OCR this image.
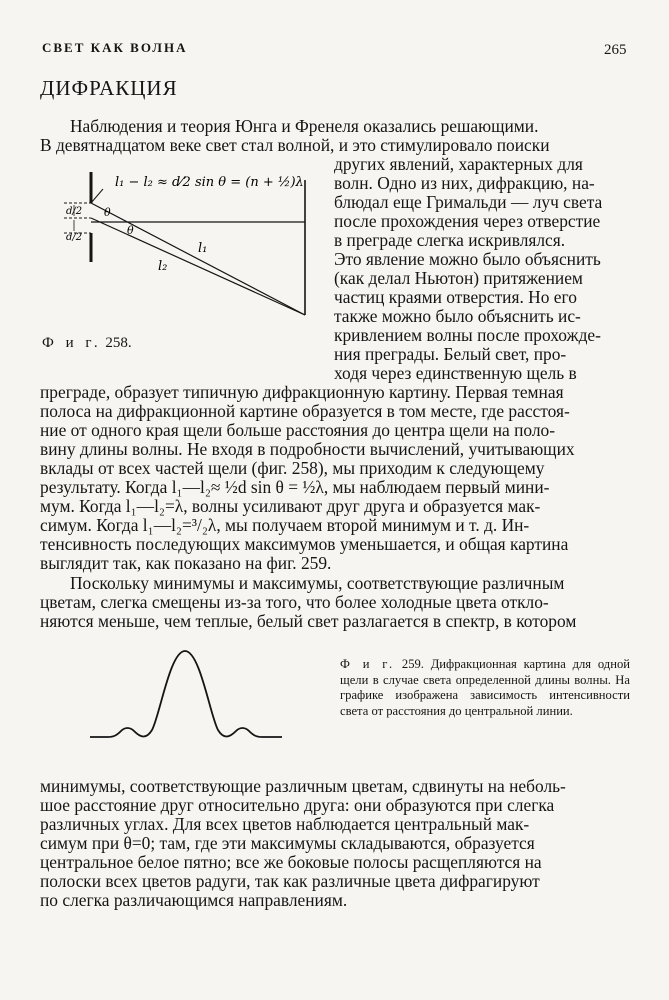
СВЕТ КАК ВОЛНА	265
ДИФРАКЦИЯ
Наблюдения и теория Юнга и Френеля оказались решающими.
В девятнадцатом веке свет стал волной, и это стимулировало поиски
других явлений, характерных для
волн. Одно из них, дифракцию, на-
блюдал еще Гримальди — луч света
после прохождения через отверстие
в преграде слегка искривлялся.
Это явление можно было объяснить
(как делал Ньютон) притяжением
частиц краями отверстия. Но его
также можно было объяснить ис-
кривлением волны после прохожде-
ния преграды. Белый свет, про-
ходя через единственную щель в
преграде, образует типичную дифракционную картину. Первая темная
полоса на дифракционной картине образуется в том месте, где расстоя-
ние от одного края щели больше расстояния до центра щели на поло-
вину длины волны. Не входя в подробности вычислений, учитывающих
вклады от всех частей щели (фиг. 258), мы приходим к следующему
результату. Когда l₁—l₂≈ ½d sin θ = ½λ, мы наблюдаем первый мини-
мум. Когда l₁—l₂=λ, волны усиливают друг друга и образуется мак-
симум. Когда l₁—l₂=³/₂λ, мы получаем второй минимум и т. д. Ин-
тенсивность последующих максимумов уменьшается, и общая картина
выглядит так, как показано на фиг. 259.
Поскольку минимумы и максимумы, соответствующие различным
цветам, слегка смещены из-за того, что более холодные цвета откло-
няются меньше, чем теплые, белый свет разлагается в спектр, в котором
минимумы, соответствующие различным цветам, сдвинуты на неболь-
шое расстояние друг относительно друга: они образуются при слегка
различных углах. Для всех цветов наблюдается центральный мак-
симум при θ=0; там, где эти максимумы складываются, образуется
центральное белое пятно; все же боковые полосы расщепляются на
полоски всех цветов радуги, так как различные цвета дифрагируют
по слегка различающимся направлениям.
l₁ − l₂ ≈ d⁄2 sin θ = (n + ½)λ
d/2
d/2
θ
θ
l₁
l₂
Ф и г. 258.
Ф и г. 259. Дифракционная картина для одной щели в случае света определенной длины волны. На графике изображена зависимость интенсивности света от расстояния до центральной линии.
